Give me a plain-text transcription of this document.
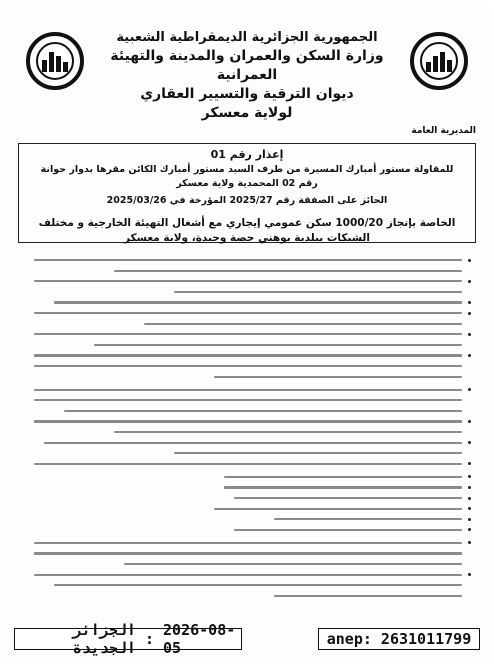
الجمهورية الجزائرية الديمقراطية الشعبية
وزارة السكن والعمران والمدينة والتهيئة العمرانية
ديوان الترقية والتسيير العقاري
لولاية معسكر
المديرية العامة
إعذار رقم 01
للمقاولة مستور أمبارك المسيرة من طرف السيد مستور أمبارك الكائن مقرها بدوار حوانة رقم 02 المحمدية ولاية معسكر
الحائز على الصفقة رقم 2025/27 المؤرخة في 2025/03/26
الخاصة بإنجاز 1000/20 سكن عمومي إيجاري مع أشغال التهيئة الخارجية و مختلف الشبكات ببلدية بوهني حصة وحيدة، ولاية معسكر
الجزائر الجديدة : 2026-08-05	anep: 2631011799
